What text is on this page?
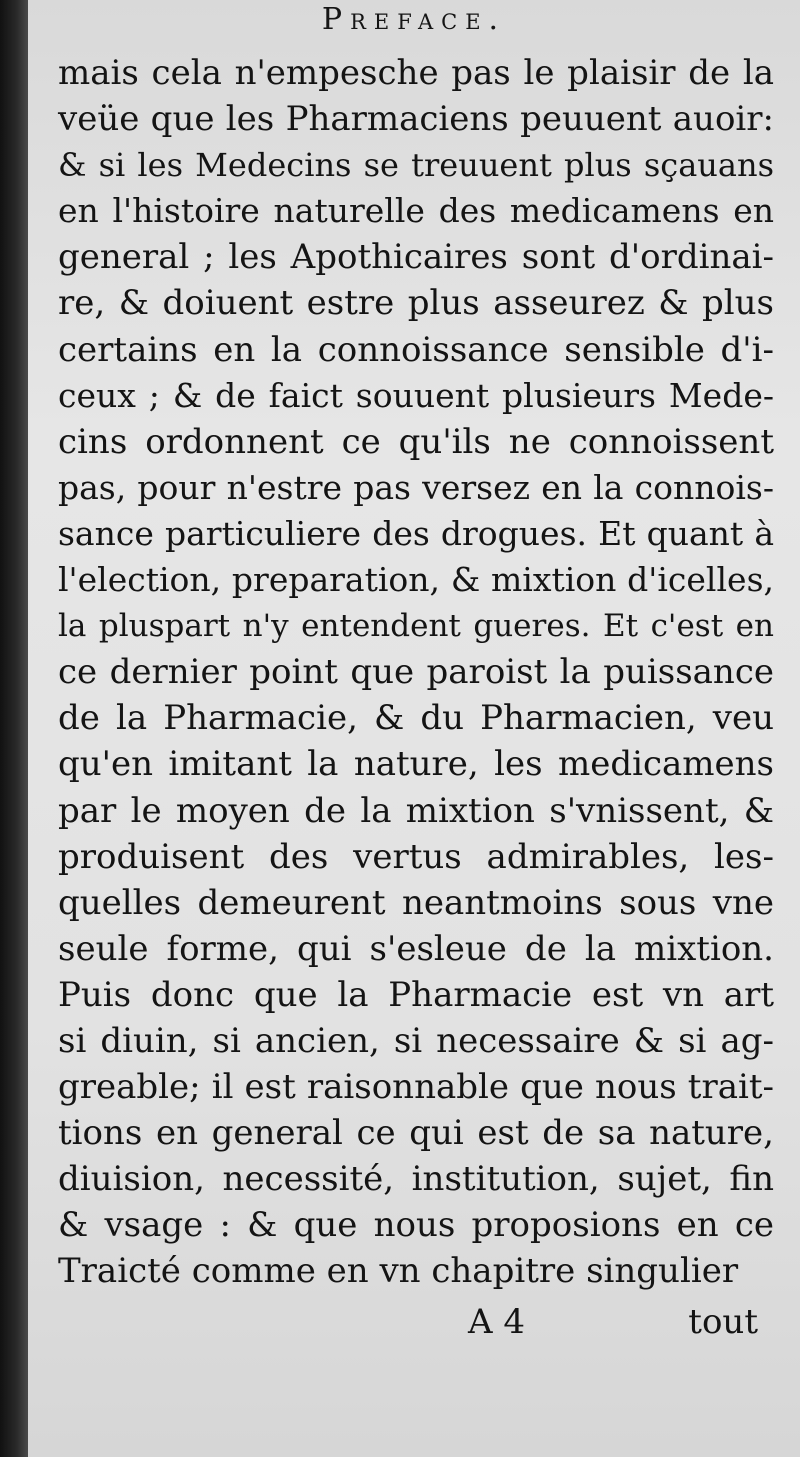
Preface.
mais cela n'empesche pas le plaisir de la
veüe que les Pharmaciens peuuent auoir:
& si les Medecins se treuuent plus sçauans
en l'histoire naturelle des medicamens en
general ; les Apothicaires sont d'ordinai-
re, & doiuent estre plus asseurez & plus
certains en la connoissance sensible d'i-
ceux ; & de faict souuent plusieurs Mede-
cins ordonnent ce qu'ils ne connoissent
pas, pour n'estre pas versez en la connois-
sance particuliere des drogues. Et quant à
l'election, preparation, & mixtion d'icelles,
la pluspart n'y entendent gueres. Et c'est en
ce dernier point que paroist la puissance
de la Pharmacie, & du Pharmacien, veu
qu'en imitant la nature, les medicamens
par le moyen de la mixtion s'vnissent, &
produisent des vertus admirables, les-
quelles demeurent neantmoins sous vne
seule forme, qui s'esleue de la mixtion.
Puis donc que la Pharmacie est vn art
si diuin, si ancien, si necessaire & si ag-
greable; il est raisonnable que nous trait-
tions en general ce qui est de sa nature,
diuision, necessité, institution, sujet, fin
& vsage : & que nous proposions en ce
Traicté comme en vn chapitre singulier
A 4	tout
